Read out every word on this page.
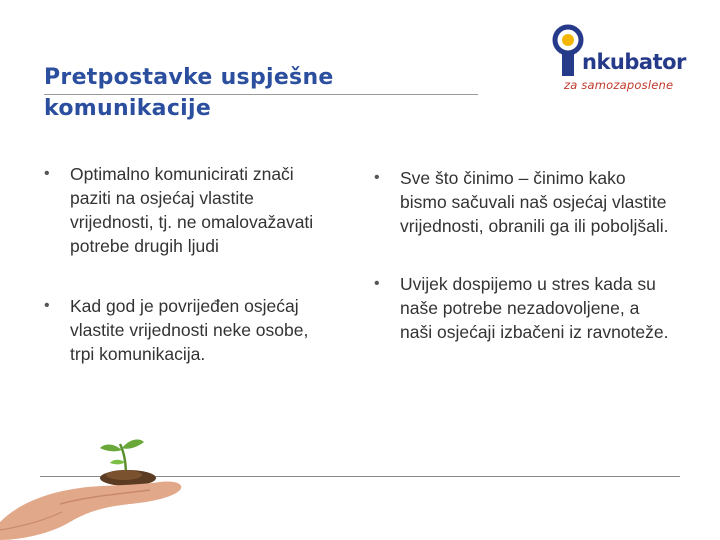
Pretpostavke uspješne
komunikacije
nkubator
za samozaposlene
• Optimalno komunicirati znači paziti na osjećaj vlastite vrijednosti, tj. ne omalovažavati potrebe drugih ljudi
• Kad god je povrijeđen osjećaj vlastite vrijednosti neke osobe, trpi komunikacija.
• Sve što činimo – činimo kako bismo sačuvali naš osjećaj vlastite vrijednosti, obranili ga ili poboljšali.
• Uvijek dospijemo u stres kada su naše potrebe nezadovoljene, a naši osjećaji izbačeni iz ravnoteže.
